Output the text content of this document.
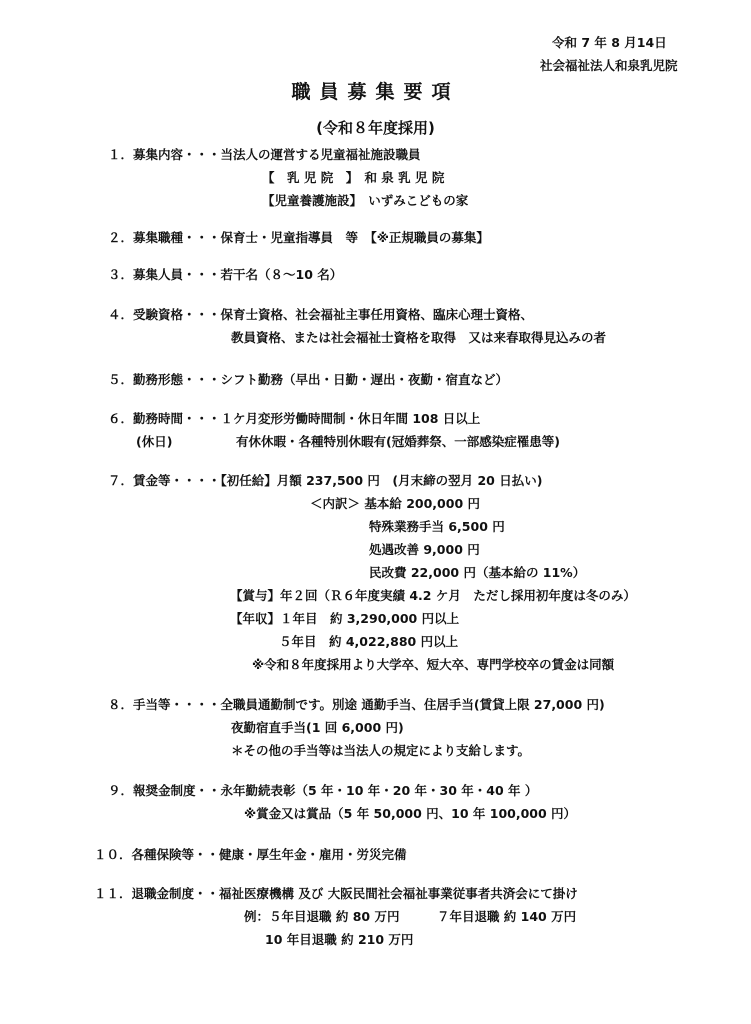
令和 7 年 8 月14日
社会福祉法人和泉乳児院
職員募集要項
(令和８年度採用)
１．募集内容・・・当法人の運営する児童福祉施設職員
【　乳 児 院　】　和 泉 乳 児 院
【児童養護施設】　いずみこどもの家
２．募集職種・・・保育士・児童指導員　等　【※正規職員の募集】
３．募集人員・・・若干名（８～10 名）
４．受験資格・・・保育士資格、社会福祉主事任用資格、臨床心理士資格、
教員資格、または社会福祉士資格を取得　又は来春取得見込みの者
５．勤務形態・・・シフト勤務（早出・日勤・遅出・夜勤・宿直など）
６．勤務時間・・・１ケ月変形労働時間制・休日年間 108 日以上
(休日)	有休休暇・各種特別休暇有(冠婚葬祭、一部感染症罹患等)
７．賃金等・・・・【初任給】月額 237,500 円　(月末締の翌月 20 日払い)
＜内訳＞ 基本給 200,000 円
特殊業務手当 6,500 円
処遇改善 9,000 円
民改費 22,000 円（基本給の 11%）
【賞与】年２回（Ｒ６年度実績 4.2 ケ月　ただし採用初年度は冬のみ）
【年収】１年目　約 3,290,000 円以上
５年目　約 4,022,880 円以上
※令和８年度採用より大学卒、短大卒、専門学校卒の賃金は同額
８．手当等・・・・全職員通勤制です。別途 通勤手当、住居手当(賃貸上限 27,000 円)
夜勤宿直手当(1 回 6,000 円)
＊その他の手当等は当法人の規定により支給します。
９．報奨金制度・・永年勤続表彰（5 年・10 年・20 年・30 年・40 年 ）
※賞金又は賞品（5 年 50,000 円、10 年 100,000 円）
１０．各種保険等・・健康・厚生年金・雇用・労災完備
１１．退職金制度・・福祉医療機構 及び 大阪民間社会福祉事業従事者共済会にて掛け
例：５年目退職 約 80 万円　　　７年目退職 約 140 万円
10 年目退職 約 210 万円
